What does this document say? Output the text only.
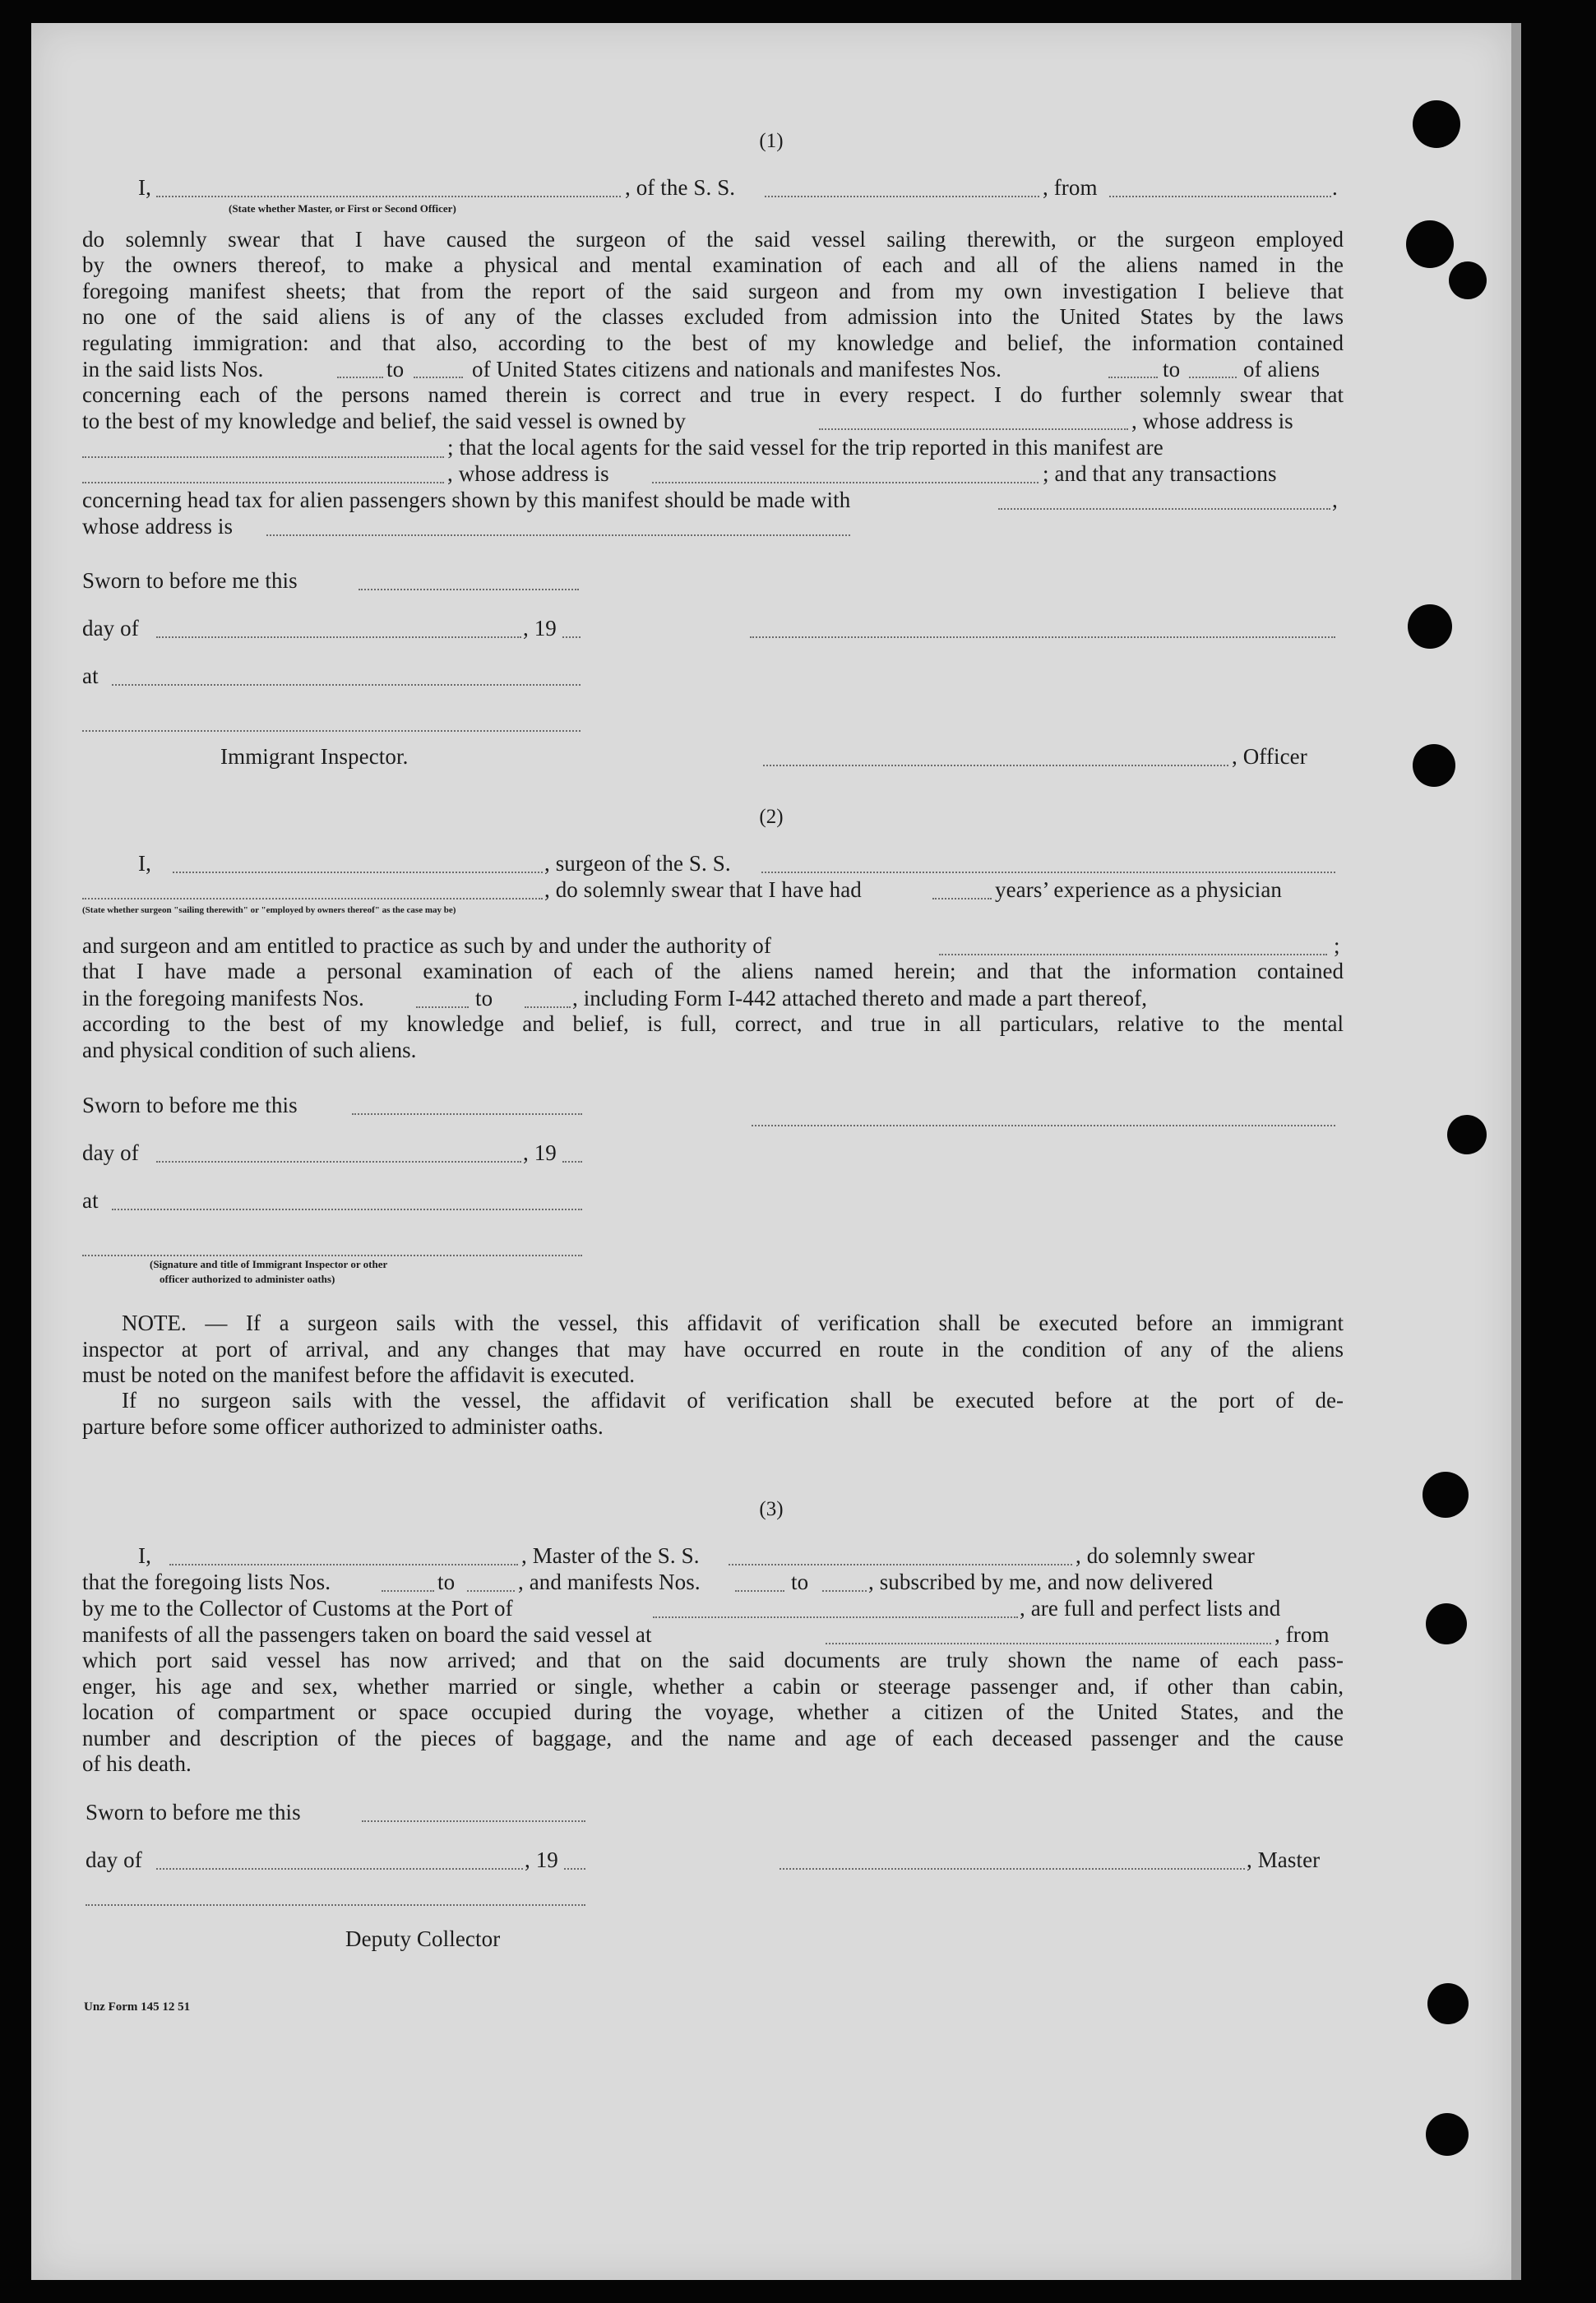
(1)
I,	, of the S. S.	, from	.
(State whether Master, or First or Second Officer)
do solemnly swear that I have caused the surgeon of the said vessel sailing therewith, or the surgeon employed
by the owners thereof, to make a physical and mental examination of each and all of the aliens named in the
foregoing manifest sheets; that from the report of the said surgeon and from my own investigation I believe that
no one of the said aliens is of any of the classes excluded from admission into the United States by the laws
regulating immigration: and that also, according to the best of my knowledge and belief, the information contained
in the said lists Nos.	to	of United States citizens and nationals and manifestes Nos.	to	of aliens
concerning each of the persons named therein is correct and true in every respect. I do further solemnly swear that
to the best of my knowledge and belief, the said vessel is owned by	, whose address is
; that the local agents for the said vessel for the trip reported in this manifest are
, whose address is	; and that any transactions
concerning head tax for alien passengers shown by this manifest should be made with	,
whose address is
Sworn to before me this
day of	, 19
at
Immigrant Inspector.	, Officer
(2)
I,	, surgeon of the S. S.
, do solemnly swear that I have had	years’ experience as a physician
(State whether surgeon "sailing therewith" or "employed by owners thereof" as the case may be)
and surgeon and am entitled to practice as such by and under the authority of	;
that I have made a personal examination of each of the aliens named herein; and that the information contained
in the foregoing manifests Nos.	to	, including Form I-442 attached thereto and made a part thereof,
according to the best of my knowledge and belief, is full, correct, and true in all particulars, relative to the mental
and physical condition of such aliens.
Sworn to before me this
day of	, 19
at
(Signature and title of Immigrant Inspector or other
officer authorized to administer oaths)
NOTE. — If a surgeon sails with the vessel, this affidavit of verification shall be executed before an immigrant
inspector at port of arrival, and any changes that may have occurred en route in the condition of any of the aliens
must be noted on the manifest before the affidavit is executed.
If no surgeon sails with the vessel, the affidavit of verification shall be executed before at the port of de-
parture before some officer authorized to administer oaths.
(3)
I,	, Master of the S. S.	, do solemnly swear
that the foregoing lists Nos.	to	, and manifests Nos.	to	, subscribed by me, and now delivered
by me to the Collector of Customs at the Port of	, are full and perfect lists and
manifests of all the passengers taken on board the said vessel at	, from
which port said vessel has now arrived; and that on the said documents are truly shown the name of each pass-
enger, his age and sex, whether married or single, whether a cabin or steerage passenger and, if other than cabin,
location of compartment or space occupied during the voyage, whether a citizen of the United States, and the
number and description of the pieces of baggage, and the name and age of each deceased passenger and the cause
of his death.
Sworn to before me this
day of	, 19	, Master
Deputy Collector
Unz Form 145 12 51
